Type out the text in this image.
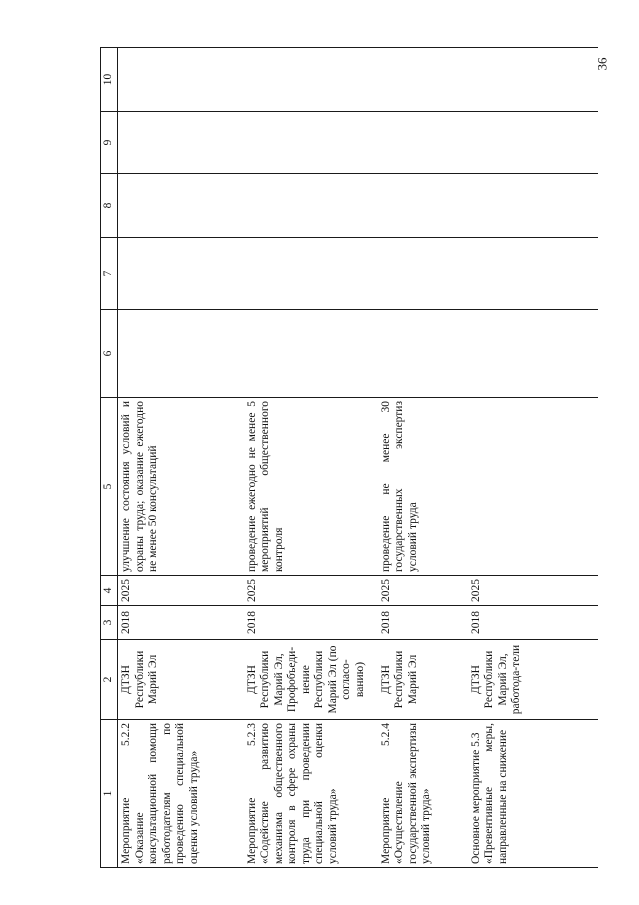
36
1	2	3	4	5	6	7	8	9	10

Мероприятие
5.2.2
«Оказание консультационной помощи работодателям по проведению специальной оценки условий труда»	ДТЗН Республики Марий Эл	2018	2025	улучшение состояния условий и охраны труда; оказание ежегодно не менее 50 консультаций					

Мероприятие
5.2.3 «Содействие развитию механизма общественного контроля в сфере охраны труда при проведении специальной оценки условий труда»	ДТЗН Республики Марий Эл, Профобъеди-нение Республики Марий Эл (по согласо-ванию)	2018	2025	проведение ежегодно не менее 5 мероприятий общественного контроля					

Мероприятие
5.2.4
«Осуществление государственной экспертизы условий труда»	ДТЗН Республики Марий Эл	2018	2025	проведение не менее 30 государственных экспертиз условий труда					

Основное мероприятие 5.3 «Превентивные меры, направленные на снижение	ДТЗН Республики Марий Эл, работода-тели	2018	2025						
